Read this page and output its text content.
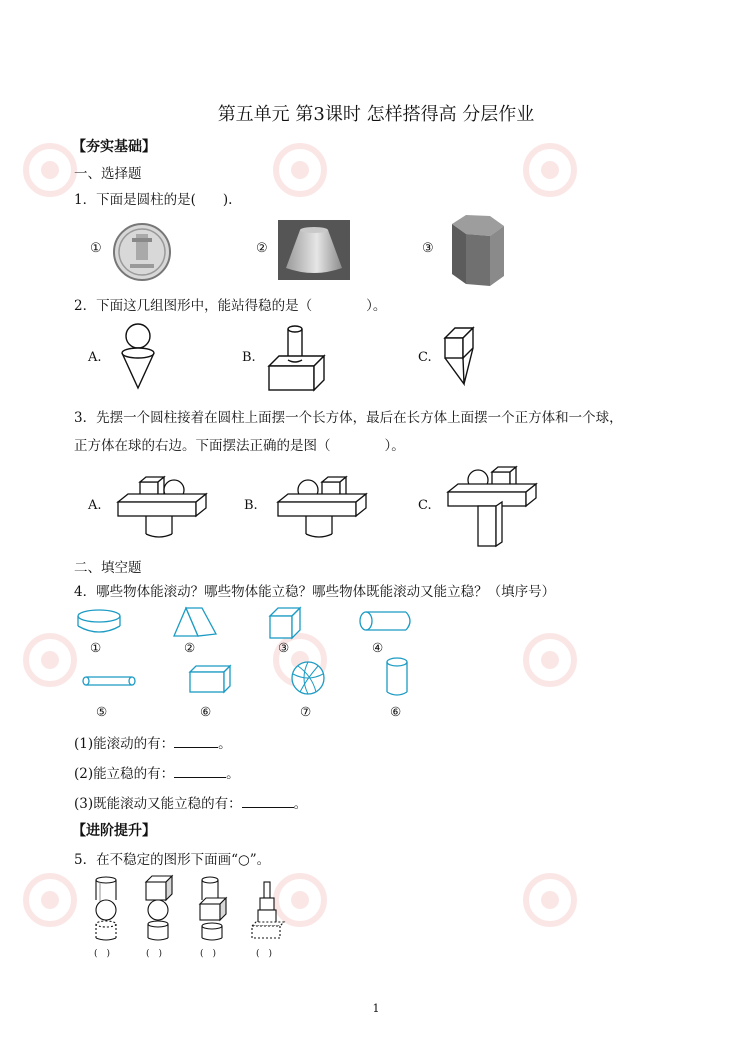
第五单元 第3课时 怎样搭得高 分层作业
【夯实基础】
一、选择题
1．下面是圆柱的是(　　).
①	②	③
2．下面这几组图形中，能站得稳的是（　　　　）。
A.	B.	C.
3．先摆一个圆柱接着在圆柱上面摆一个长方体，最后在长方体上面摆一个正方体和一个球，
正方体在球的右边。下面摆法正确的是图（　　　　）。
A.	B.	C.
二、填空题
4．哪些物体能滚动？哪些物体能立稳？哪些物体既能滚动又能立稳？（填序号）
①	②	③	④
⑤	⑥	⑦	⑥
(1)能滚动的有：	。
(2)能立稳的有：	。
(3)既能滚动又能立稳的有：	。
【进阶提升】
5．在不稳定的图形下面画“○”。
(　)	(　)	(　)	(　)
1
